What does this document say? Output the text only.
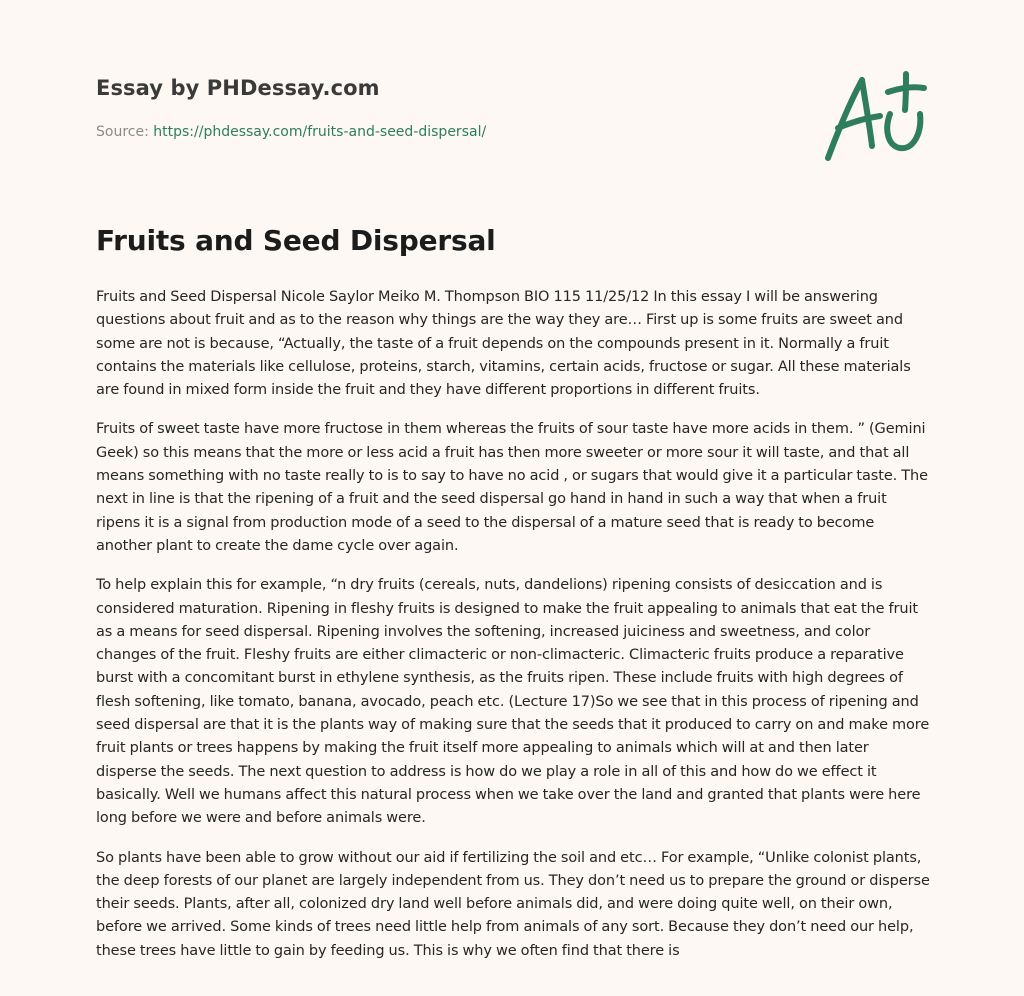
Essay by PHDessay.com

Source: https://phdessay.com/fruits-and-seed-dispersal/

Fruits and Seed Dispersal

Fruits and Seed Dispersal Nicole Saylor Meiko M. Thompson BIO 115 11/25/12 In this essay I will be answering questions about fruit and as to the reason why things are the way they are… First up is some fruits are sweet and some are not is because, “Actually, the taste of a fruit depends on the compounds present in it. Normally a fruit contains the materials like cellulose, proteins, starch, vitamins, certain acids, fructose or sugar. All these materials are found in mixed form inside the fruit and they have different proportions in different fruits.

Fruits of sweet taste have more fructose in them whereas the fruits of sour taste have more acids in them. ” (Gemini Geek) so this means that the more or less acid a fruit has then more sweeter or more sour it will taste, and that all means something with no taste really to is to say to have no acid , or sugars that would give it a particular taste. The next in line is that the ripening of a fruit and the seed dispersal go hand in hand in such a way that when a fruit ripens it is a signal from production mode of a seed to the dispersal of a mature seed that is ready to become another plant to create the dame cycle over again.

To help explain this for example, “n dry fruits (cereals, nuts, dandelions) ripening consists of desiccation and is considered maturation. Ripening in fleshy fruits is designed to make the fruit appealing to animals that eat the fruit as a means for seed dispersal. Ripening involves the softening, increased juiciness and sweetness, and color changes of the fruit. Fleshy fruits are either climacteric or non-climacteric. Climacteric fruits produce a reparative burst with a concomitant burst in ethylene synthesis, as the fruits ripen. These include fruits with high degrees of flesh softening, like tomato, banana, avocado, peach etc. (Lecture 17)So we see that in this process of ripening and seed dispersal are that it is the plants way of making sure that the seeds that it produced to carry on and make more fruit plants or trees happens by making the fruit itself more appealing to animals which will at and then later disperse the seeds. The next question to address is how do we play a role in all of this and how do we effect it basically. Well we humans affect this natural process when we take over the land and granted that plants were here long before we were and before animals were.

So plants have been able to grow without our aid if fertilizing the soil and etc… For example, “Unlike colonist plants, the deep forests of our planet are largely independent from us. They don’t need us to prepare the ground or disperse their seeds. Plants, after all, colonized dry land well before animals did, and were doing quite well, on their own, before we arrived. Some kinds of trees need little help from animals of any sort. Because they don’t need our help, these trees have little to gain by feeding us. This is why we often find that there is
